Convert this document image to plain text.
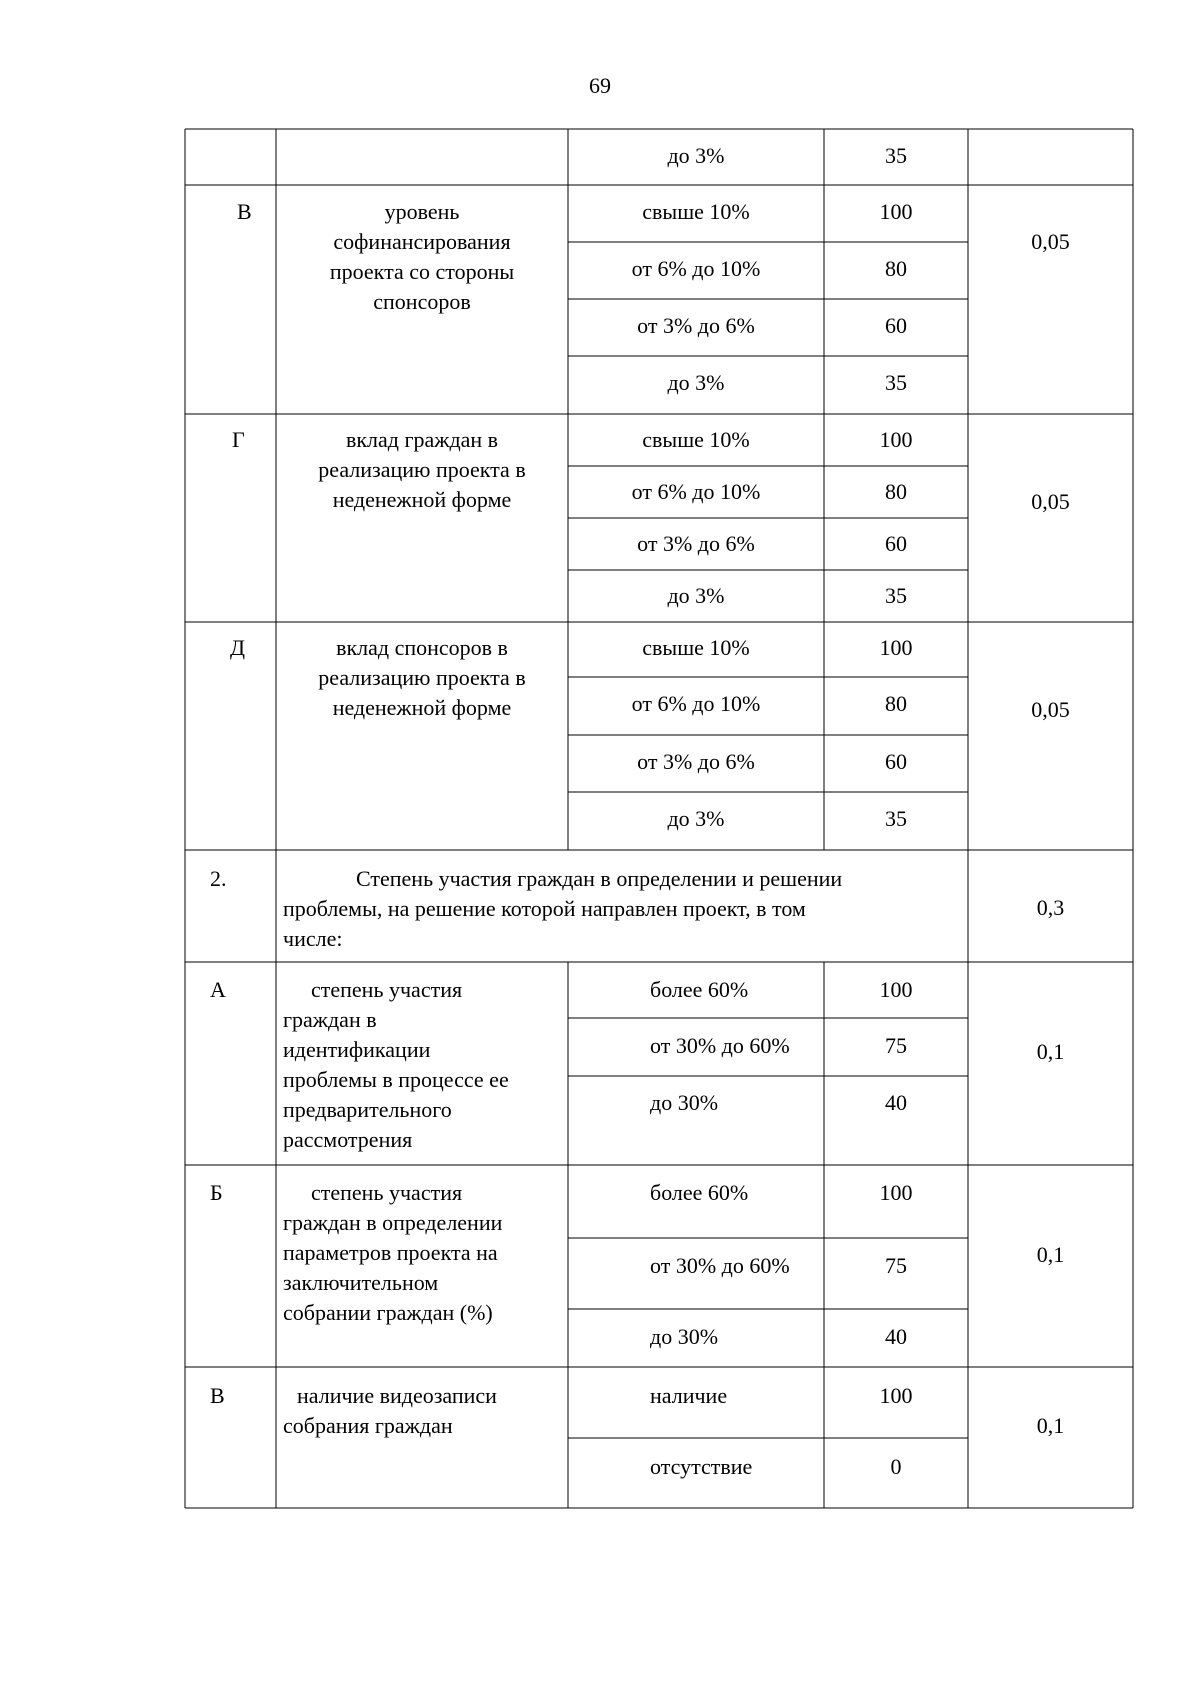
69
до 3%	35
В	уровень
софинансирования
проекта со стороны
спонсоров
свыше 10%	100
от 6% до 10%	80
от 3% до 6%	60
до 3%	35
0,05
Г	вклад граждан в
реализацию проекта в
неденежной форме
свыше 10%	100
от 6% до 10%	80
от 3% до 6%	60
до 3%	35
0,05
Д	вклад спонсоров в
реализацию проекта в
неденежной форме
свыше 10%	100
от 6% до 10%	80
от 3% до 6%	60
до 3%	35
0,05
2.	Степень участия граждан в определении и решении
проблемы, на решение которой направлен проект, в том
числе:
0,3
А	степень участия
граждан в
идентификации
проблемы в процессе ее
предварительного
рассмотрения
более 60%	100
от 30% до 60%	75
до 30%	40
0,1
Б	степень участия
граждан в определении
параметров проекта на
заключительном
собрании граждан (%)
более 60%	100
от 30% до 60%	75
до 30%	40
0,1
В	наличие видеозаписи
собрания граждан
наличие	100
отсутствие	0
0,1
